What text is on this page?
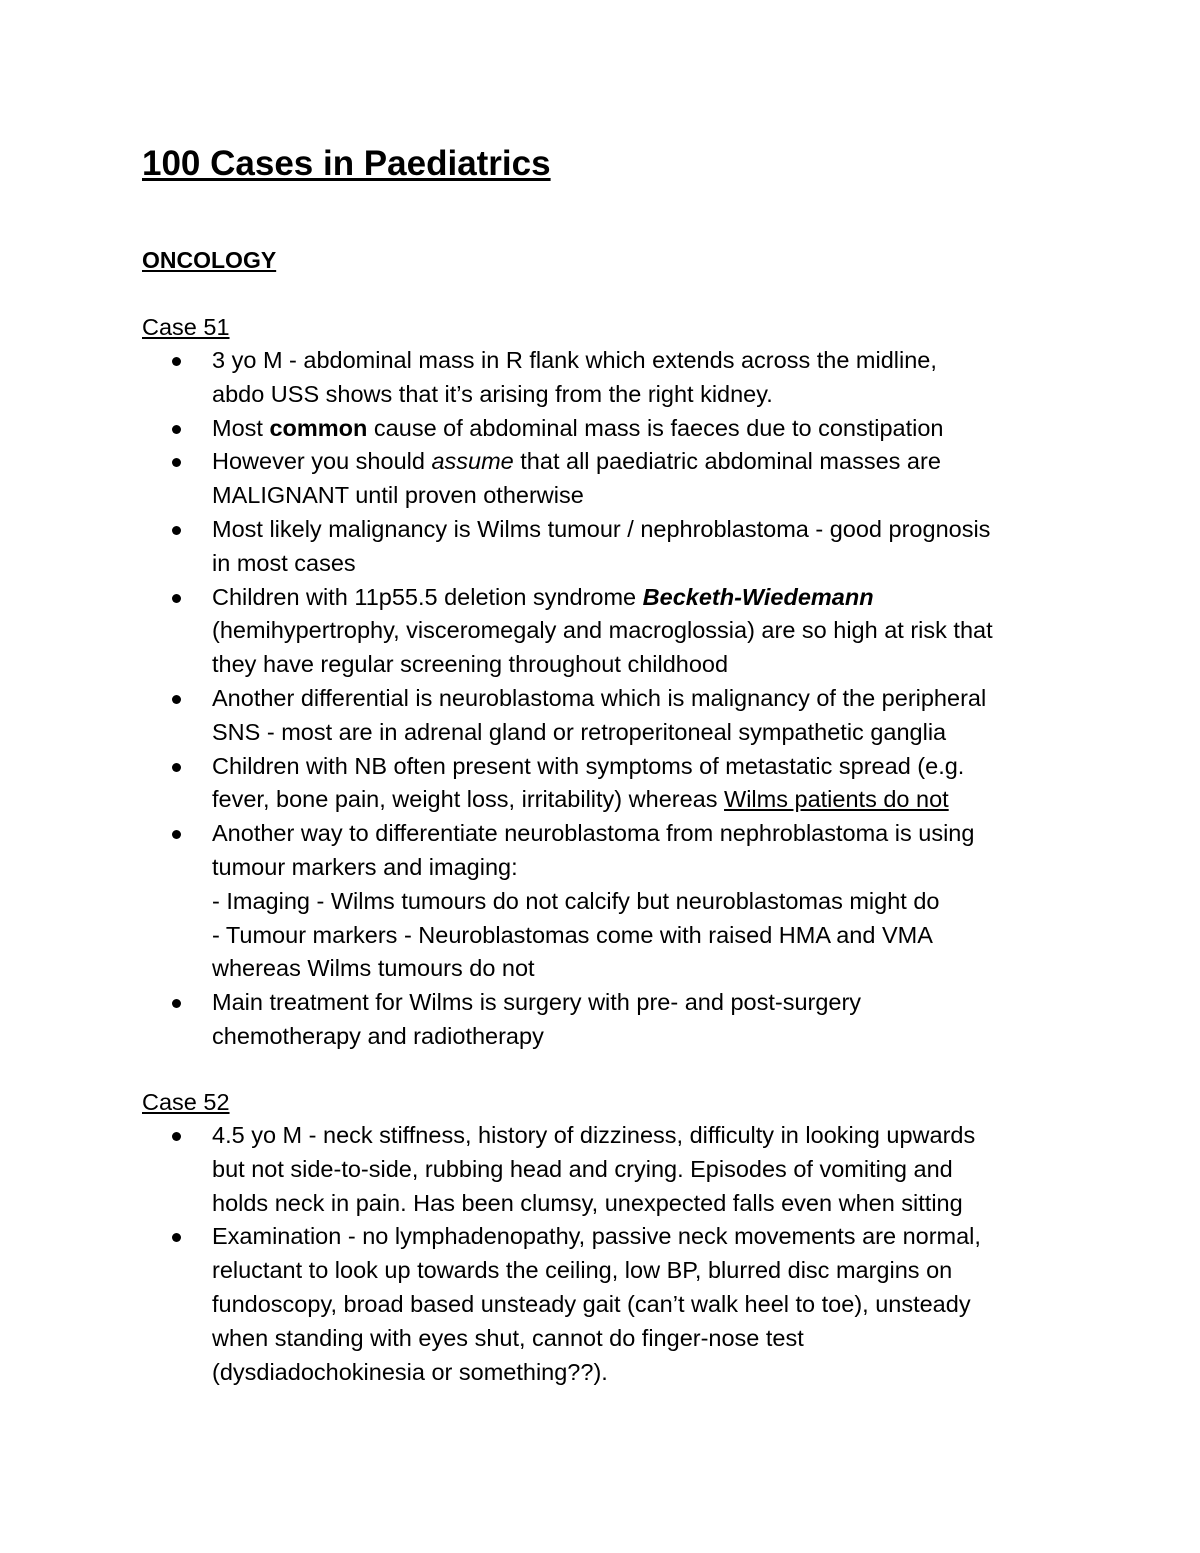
100 Cases in Paediatrics
ONCOLOGY
Case 51
3 yo M - abdominal mass in R flank which extends across the midline,
abdo USS shows that it’s arising from the right kidney.
Most common cause of abdominal mass is faeces due to constipation
However you should assume that all paediatric abdominal masses are
MALIGNANT until proven otherwise
Most likely malignancy is Wilms tumour / nephroblastoma - good prognosis
in most cases
Children with 11p55.5 deletion syndrome Becketh-Wiedemann
(hemihypertrophy, visceromegaly and macroglossia) are so high at risk that
they have regular screening throughout childhood
Another differential is neuroblastoma which is malignancy of the peripheral
SNS - most are in adrenal gland or retroperitoneal sympathetic ganglia
Children with NB often present with symptoms of metastatic spread (e.g.
fever, bone pain, weight loss, irritability) whereas Wilms patients do not
Another way to differentiate neuroblastoma from nephroblastoma is using
tumour markers and imaging:
- Imaging - Wilms tumours do not calcify but neuroblastomas might do
- Tumour markers - Neuroblastomas come with raised HMA and VMA
whereas Wilms tumours do not
Main treatment for Wilms is surgery with pre- and post-surgery
chemotherapy and radiotherapy
Case 52
4.5 yo M - neck stiffness, history of dizziness, difficulty in looking upwards
but not side-to-side, rubbing head and crying. Episodes of vomiting and
holds neck in pain. Has been clumsy, unexpected falls even when sitting
Examination - no lymphadenopathy, passive neck movements are normal,
reluctant to look up towards the ceiling, low BP, blurred disc margins on
fundoscopy, broad based unsteady gait (can’t walk heel to toe), unsteady
when standing with eyes shut, cannot do finger-nose test
(dysdiadochokinesia or something??).
